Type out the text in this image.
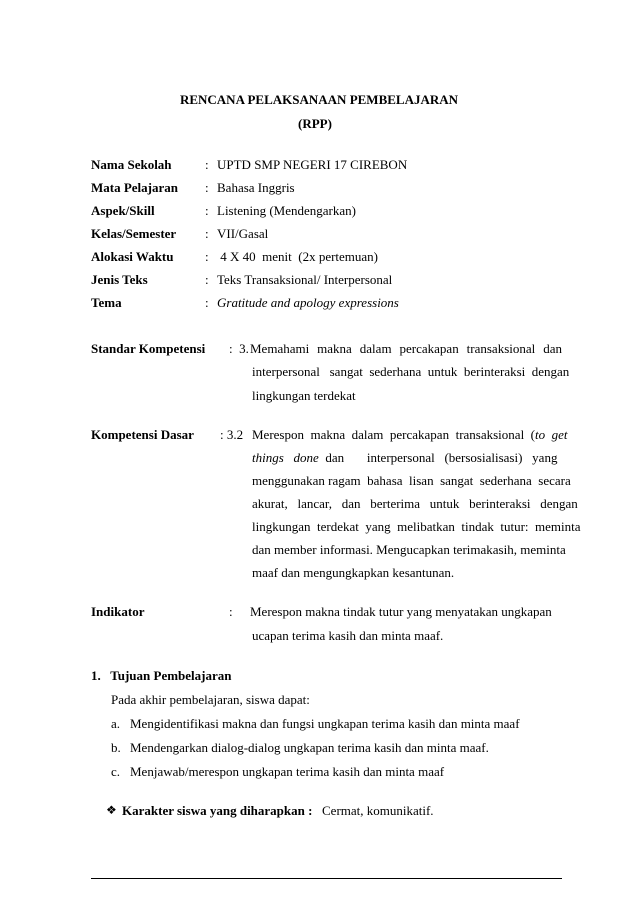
RENCANA PELAKSANAAN PEMBELAJARAN
(RPP)
Nama Sekolah	: UPTD SMP NEGERI 17 CIREBON
Mata Pelajaran : Bahasa Inggris
Aspek/Skill	: Listening (Mendengarkan)
Kelas/Semester : VII/Gasal
Alokasi Waktu : 4 X 40  menit  (2x pertemuan)
Jenis Teks	: Teks Transaksional/ Interpersonal
Tema	: Gratitude and apology expressions
Standar Kompetensi :  3. Memahami  makna  dalam  percakapan  transaksional  dan
interpersonal   sangat  sederhana  untuk  berinteraksi  dengan
lingkungan terdekat
Kompetensi Dasar : 3.2 Merespon  makna  dalam  percakapan  transaksional  (to  get
things   done  dan       interpersonal   (bersosialisasi)   yang
menggunakan ragam  bahasa  lisan  sangat  sederhana  secara
akurat,   lancar,   dan   berterima   untuk   berinteraksi   dengan
lingkungan  terdekat  yang  melibatkan  tindak  tutur:  meminta
dan member informasi. Mengucapkan terimakasih, meminta
maaf dan mengungkapkan kesantunan.
Indikator	: Merespon makna tindak tutur yang menyatakan ungkapan
ucapan terima kasih dan minta maaf.
1.   Tujuan Pembelajaran
Pada akhir pembelajaran, siswa dapat:
a. Mengidentifikasi makna dan fungsi ungkapan terima kasih dan minta maaf
b. Mendengarkan dialog-dialog ungkapan terima kasih dan minta maaf.
c. Menjawab/merespon ungkapan terima kasih dan minta maaf
❖ Karakter siswa yang diharapkan : Cermat, komunikatif.
